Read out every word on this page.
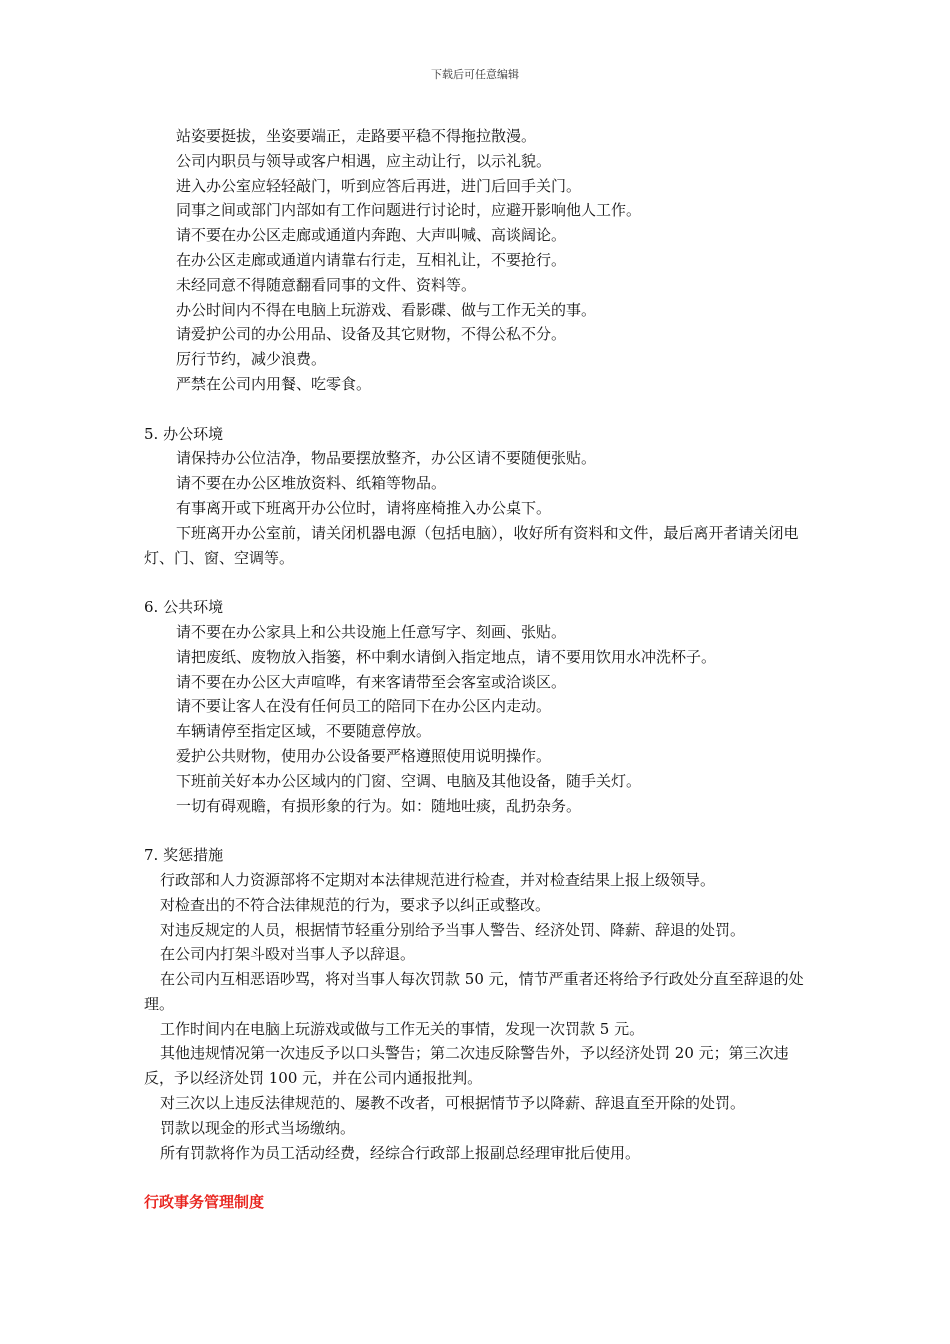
下载后可任意编辑

站姿要挺拔，坐姿要端正，走路要平稳不得拖拉散漫。

公司内职员与领导或客户相遇，应主动让行，以示礼貌。

进入办公室应轻轻敲门，听到应答后再进，进门后回手关门。

同事之间或部门内部如有工作问题进行讨论时，应避开影响他人工作。

请不要在办公区走廊或通道内奔跑、大声叫喊、高谈阔论。

在办公区走廊或通道内请靠右行走，互相礼让，不要抢行。

未经同意不得随意翻看同事的文件、资料等。

办公时间内不得在电脑上玩游戏、看影碟、做与工作无关的事。

请爱护公司的办公用品、设备及其它财物，不得公私不分。

厉行节约，减少浪费。

严禁在公司内用餐、吃零食。

5. 办公环境

请保持办公位洁净，物品要摆放整齐，办公区请不要随便张贴。

请不要在办公区堆放资料、纸箱等物品。

有事离开或下班离开办公位时，请将座椅推入办公桌下。

下班离开办公室前，请关闭机器电源（包括电脑），收好所有资料和文件，最后离开者请关闭电灯、门、窗、空调等。

6. 公共环境

请不要在办公家具上和公共设施上任意写字、刻画、张贴。

请把废纸、废物放入指篓，杯中剩水请倒入指定地点，请不要用饮用水冲洗杯子。

请不要在办公区大声喧哗，有来客请带至会客室或洽谈区。

请不要让客人在没有任何员工的陪同下在办公区内走动。

车辆请停至指定区域，不要随意停放。

爱护公共财物，使用办公设备要严格遵照使用说明操作。

下班前关好本办公区域内的门窗、空调、电脑及其他设备，随手关灯。

一切有碍观瞻，有损形象的行为。如：随地吐痰，乱扔杂务。

7. 奖惩措施

行政部和人力资源部将不定期对本法律规范进行检查，并对检查结果上报上级领导。

对检查出的不符合法律规范的行为，要求予以纠正或整改。

对违反规定的人员，根据情节轻重分别给予当事人警告、经济处罚、降薪、辞退的处罚。

在公司内打架斗殴对当事人予以辞退。

在公司内互相恶语吵骂，将对当事人每次罚款 50 元，情节严重者还将给予行政处分直至辞退的处理。

工作时间内在电脑上玩游戏或做与工作无关的事情，发现一次罚款 5 元。

其他违规情况第一次违反予以口头警告；第二次违反除警告外，予以经济处罚 20 元；第三次违反，予以经济处罚 100 元，并在公司内通报批判。

对三次以上违反法律规范的、屡教不改者，可根据情节予以降薪、辞退直至开除的处罚。

罚款以现金的形式当场缴纳。

所有罚款将作为员工活动经费，经综合行政部上报副总经理审批后使用。

行政事务管理制度
